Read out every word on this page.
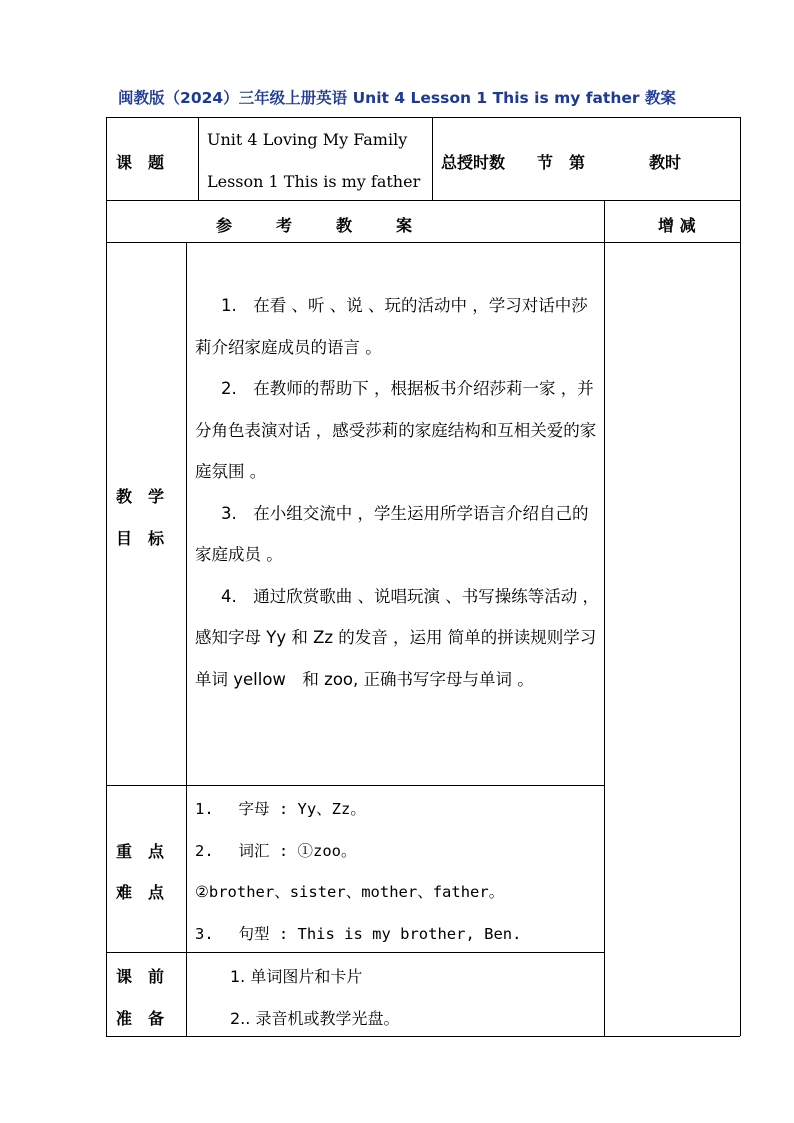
闽教版（2024）三年级上册英语 Unit 4 Lesson 1 This is my father 教案
课　题
Unit 4 Loving My Family
Lesson 1 This is my father
总授时数　　节　第　　　　教时
参　　考　　教　　案	增 减
教　学
目　标

1.　在看 、听 、说 、玩的活动中 ，学习对话中莎莉介绍家庭成员的语言 。

2.　在教师的帮助下 ，根据板书介绍莎莉一家 ，并分角色表演对话 ，感受莎莉的家庭结构和互相关爱的家庭氛围 。

3.　在小组交流中 ，学生运用所学语言介绍自己的家庭成员 。

4.　通过欣赏歌曲 、说唱玩演 、书写操练等活动 ，感知字母 Yy 和 Zz 的发音 ，运用 简单的拼读规则学习单词 yellow　和 zoo, 正确书写字母与单词 。

重　点
难　点
1.　 字母 : Yy、Zz。
2.　 词汇 : ①zoo。
②brother、sister、mother、father。
3.　 句型 : This is my brother, Ben.
课　前
准　备
1. 单词图片和卡片
2.. 录音机或教学光盘。
